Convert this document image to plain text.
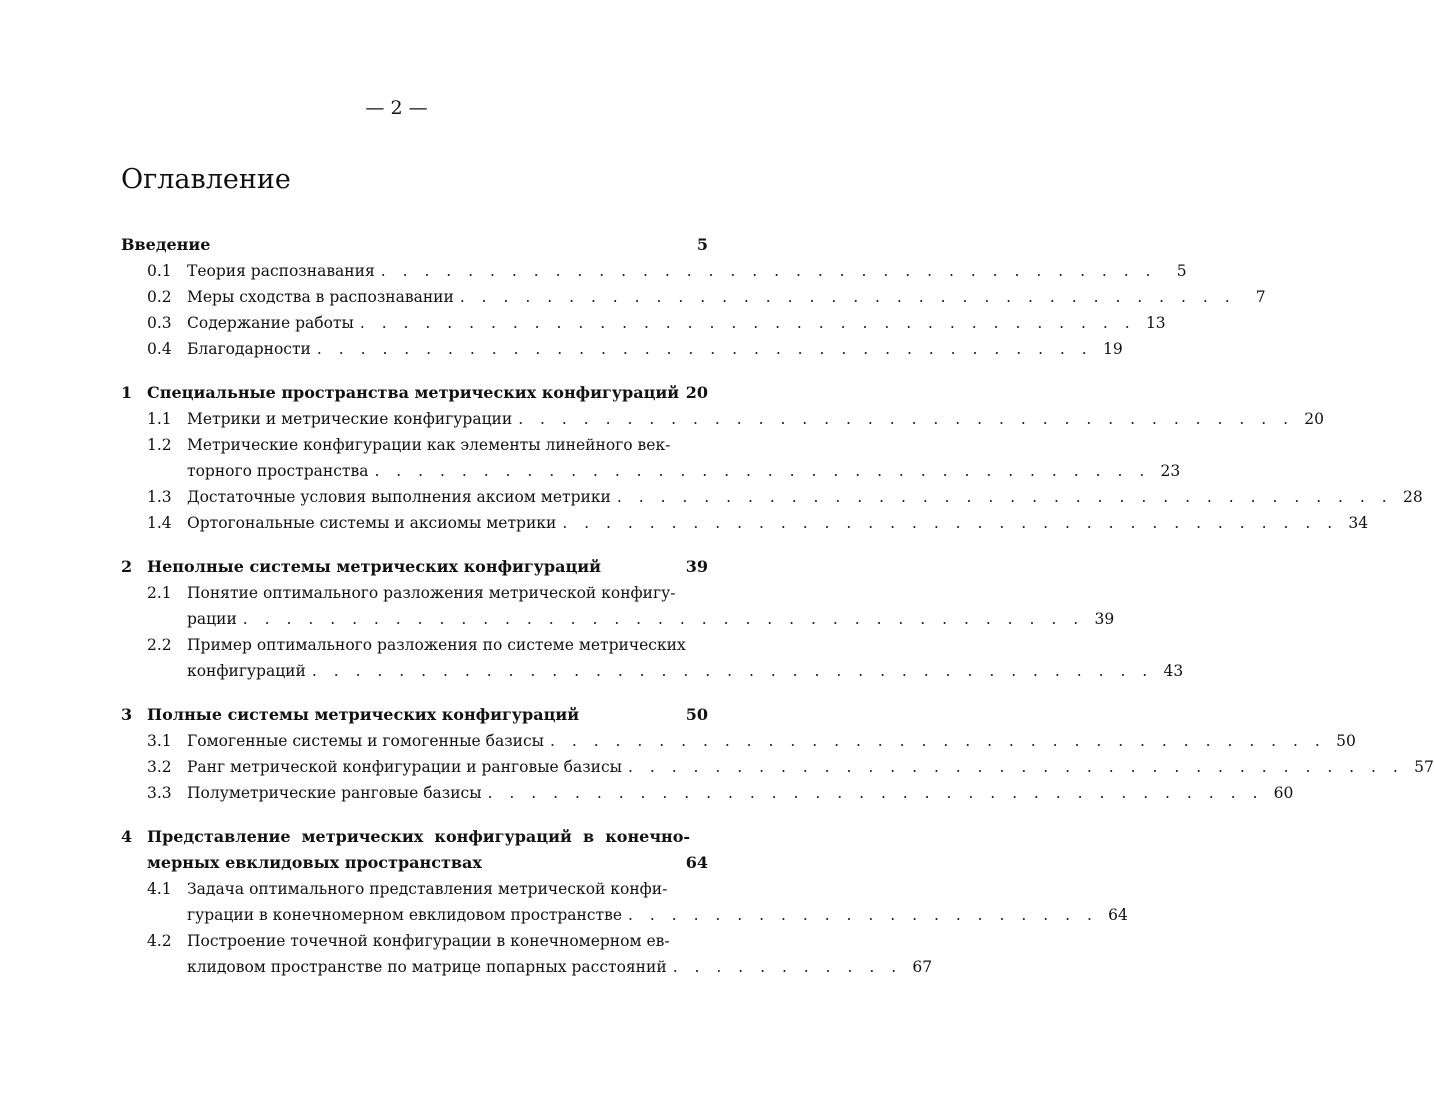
— 2 —
Оглавление
Введение	5
0.1 Теория распознавания . . . . . . . . . . . . . . . . . . . . . . . . . . . . . . . . . . . .	5
0.2 Меры сходства в распознавании . . . . . . . . . . . . . . . . . . . . . . . . . . . . . . . . . . . .	7
0.3 Содержание работы . . . . . . . . . . . . . . . . . . . . . . . . . . . . . . . . . . . . 13
0.4 Благодарности . . . . . . . . . . . . . . . . . . . . . . . . . . . . . . . . . . . . 19
1 Специальные пространства метрических конфигураций 20
1.1 Метрики и метрические конфигурации . . . . . . . . . . . . . . . . . . . . . . . . . . . . . . . . . . . . 20
1.2 Метрические конфигурации как элементы линейного век-
торного пространства . . . . . . . . . . . . . . . . . . . . . . . . . . . . . . . . . . . . 23
1.3 Достаточные условия выполнения аксиом метрики . . . . . . . . . . . . . . . . . . . . . . . . . . . . . . . . . . . . 28
1.4 Ортогональные системы и аксиомы метрики . . . . . . . . . . . . . . . . . . . . . . . . . . . . . . . . . . . . 34
2 Неполные системы метрических конфигураций	39
2.1 Понятие оптимального разложения метрической конфигу-
рации . . . . . . . . . . . . . . . . . . . . . . . . . . . . . . . . . . . . . . . 39
2.2 Пример оптимального разложения по системе метрических
конфигураций . . . . . . . . . . . . . . . . . . . . . . . . . . . . . . . . . . . . . . . 43
3 Полные системы метрических конфигураций	50
3.1 Гомогенные системы и гомогенные базисы . . . . . . . . . . . . . . . . . . . . . . . . . . . . . . . . . . . . 50
3.2 Ранг метрической конфигурации и ранговые базисы . . . . . . . . . . . . . . . . . . . . . . . . . . . . . . . . . . . . 57
3.3 Полуметрические ранговые базисы . . . . . . . . . . . . . . . . . . . . . . . . . . . . . . . . . . . . 60
4 Представление  метрических  конфигураций  в  конечно-
мерных евклидовых пространствах	64
4.1 Задача оптимального представления метрической конфи-
гурации в конечномерном евклидовом пространстве . . . . . . . . . . . . . . . . . . . . . . 64
4.2 Построение точечной конфигурации в конечномерном ев-
клидовом пространстве по матрице попарных расстояний . . . . . . . . . . . 67
